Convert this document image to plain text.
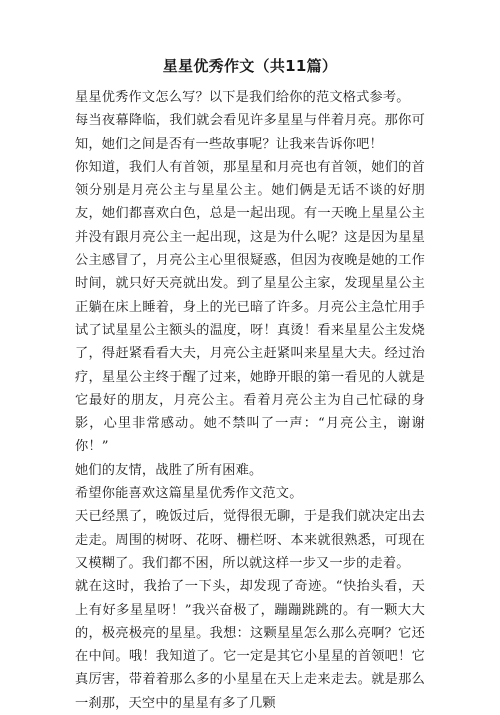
星星优秀作文（共11篇）

星星优秀作文怎么写？以下是我们给你的范文格式参考。

每当夜幕降临，我们就会看见许多星星与伴着月亮。那你可知，她们之间是否有一些故事呢？让我来告诉你吧！

你知道，我们人有首领，那星星和月亮也有首领，她们的首领分别是月亮公主与星星公主。她们俩是无话不谈的好朋友，她们都喜欢白色，总是一起出现。有一天晚上星星公主并没有跟月亮公主一起出现，这是为什么呢？这是因为星星公主感冒了，月亮公主心里很疑惑，但因为夜晚是她的工作时间，就只好天亮就出发。到了星星公主家，发现星星公主正躺在床上睡着，身上的光已暗了许多。月亮公主急忙用手试了试星星公主额头的温度，呀！真烫！看来星星公主发烧了，得赶紧看看大夫，月亮公主赶紧叫来星星大夫。经过治疗，星星公主终于醒了过来，她睁开眼的第一看见的人就是它最好的朋友，月亮公主。看着月亮公主为自己忙碌的身影，心里非常感动。她不禁叫了一声：“月亮公主，谢谢你！”

她们的友情，战胜了所有困难。

希望你能喜欢这篇星星优秀作文范文。

天已经黑了，晚饭过后，觉得很无聊，于是我们就决定出去走走。周围的树呀、花呀、栅栏呀、本来就很熟悉，可现在又模糊了。我们都不困，所以就这样一步又一步的走着。

就在这时，我抬了一下头，却发现了奇迹。“快抬头看，天上有好多星星呀！”我兴奋极了，蹦蹦跳跳的。有一颗大大的，极亮极亮的星星。我想：这颗星星怎么那么亮啊？它还在中间。哦！我知道了。它一定是其它小星星的首领吧！它真厉害，带着着那么多的小星星在天上走来走去。就是那么一刹那，天空中的星星有多了几颗
